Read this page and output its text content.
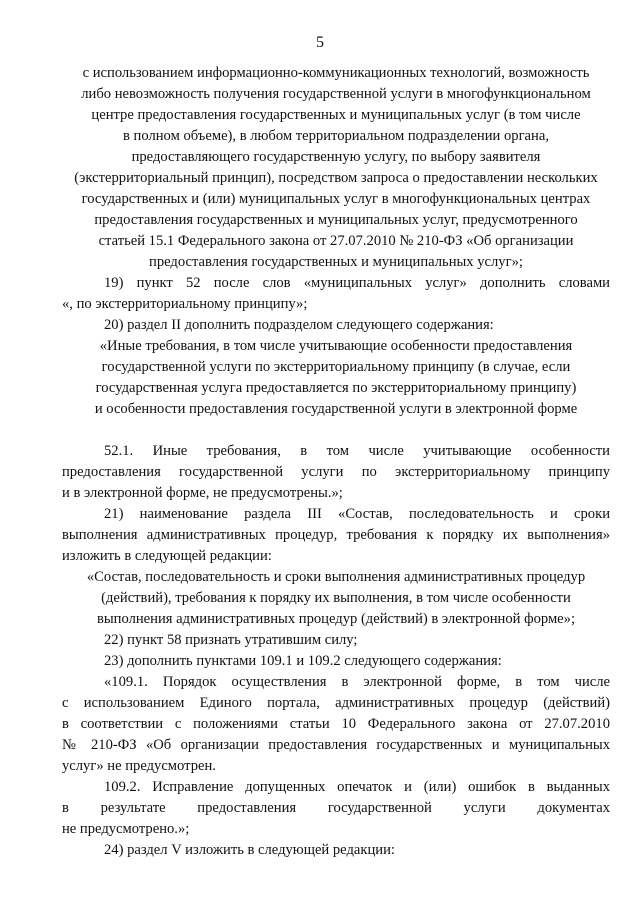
5
с использованием информационно-коммуникационных технологий, возможность
либо невозможность получения государственной услуги в многофункциональном
центре предоставления государственных и муниципальных услуг (в том числе
в полном объеме), в любом территориальном подразделении органа,
предоставляющего государственную услугу, по выбору заявителя
(экстерриториальный принцип), посредством запроса о предоставлении нескольких
государственных и (или) муниципальных услуг в многофункциональных центрах
предоставления государственных и муниципальных услуг, предусмотренного
статьей 15.1 Федерального закона от 27.07.2010 № 210-ФЗ «Об организации
предоставления государственных и муниципальных услуг»;
19) пункт 52 после слов «муниципальных услуг» дополнить словами
«, по экстерриториальному принципу»;
20) раздел II дополнить подразделом следующего содержания:
«Иные требования, в том числе учитывающие особенности предоставления
государственной услуги по экстерриториальному принципу (в случае, если
государственная услуга предоставляется по экстерриториальному принципу)
и особенности предоставления государственной услуги в электронной форме
52.1. Иные требования, в том числе учитывающие особенности
предоставления государственной услуги по экстерриториальному принципу
и в электронной форме, не предусмотрены.»;
21) наименование раздела III «Состав, последовательность и сроки
выполнения административных процедур, требования к порядку их выполнения»
изложить в следующей редакции:
«Состав, последовательность и сроки выполнения административных процедур
(действий), требования к порядку их выполнения, в том числе особенности
выполнения административных процедур (действий) в электронной форме»;
22) пункт 58 признать утратившим силу;
23) дополнить пунктами 109.1 и 109.2 следующего содержания:
«109.1. Порядок осуществления в электронной форме, в том числе
с использованием Единого портала, административных процедур (действий)
в соответствии с положениями статьи 10 Федерального закона от 27.07.2010
№ 210-ФЗ «Об организации предоставления государственных и муниципальных
услуг» не предусмотрен.
109.2. Исправление допущенных опечаток и (или) ошибок в выданных
в результате предоставления государственной услуги документах
не предусмотрено.»;
24) раздел V изложить в следующей редакции:
